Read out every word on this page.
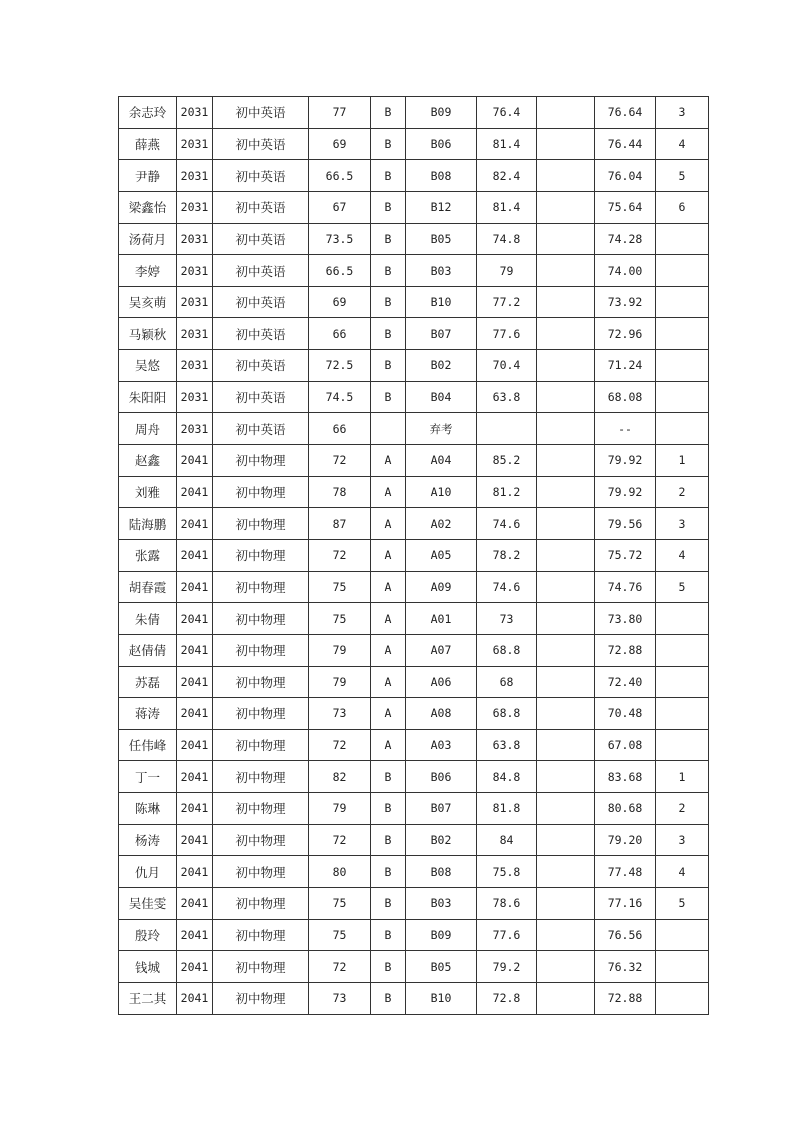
余志玲	2031	初中英语	77	B	B09	76.4		76.64	3
薛燕	2031	初中英语	69	B	B06	81.4		76.44	4
尹静	2031	初中英语	66.5	B	B08	82.4		76.04	5
梁鑫怡	2031	初中英语	67	B	B12	81.4		75.64	6
汤荷月	2031	初中英语	73.5	B	B05	74.8		74.28	
李婷	2031	初中英语	66.5	B	B03	79		74.00	
吴亥萌	2031	初中英语	69	B	B10	77.2		73.92	
马颖秋	2031	初中英语	66	B	B07	77.6		72.96	
吴悠	2031	初中英语	72.5	B	B02	70.4		71.24	
朱阳阳	2031	初中英语	74.5	B	B04	63.8		68.08	
周舟	2031	初中英语	66		弃考			--	
赵鑫	2041	初中物理	72	A	A04	85.2		79.92	1
刘雅	2041	初中物理	78	A	A10	81.2		79.92	2
陆海鹏	2041	初中物理	87	A	A02	74.6		79.56	3
张露	2041	初中物理	72	A	A05	78.2		75.72	4
胡春霞	2041	初中物理	75	A	A09	74.6		74.76	5
朱倩	2041	初中物理	75	A	A01	73		73.80	
赵倩倩	2041	初中物理	79	A	A07	68.8		72.88	
苏磊	2041	初中物理	79	A	A06	68		72.40	
蒋涛	2041	初中物理	73	A	A08	68.8		70.48	
任伟峰	2041	初中物理	72	A	A03	63.8		67.08	
丁一	2041	初中物理	82	B	B06	84.8		83.68	1
陈琳	2041	初中物理	79	B	B07	81.8		80.68	2
杨涛	2041	初中物理	72	B	B02	84		79.20	3
仇月	2041	初中物理	80	B	B08	75.8		77.48	4
吴佳雯	2041	初中物理	75	B	B03	78.6		77.16	5
殷玲	2041	初中物理	75	B	B09	77.6		76.56	
钱城	2041	初中物理	72	B	B05	79.2		76.32	
王二其	2041	初中物理	73	B	B10	72.8		72.88	
